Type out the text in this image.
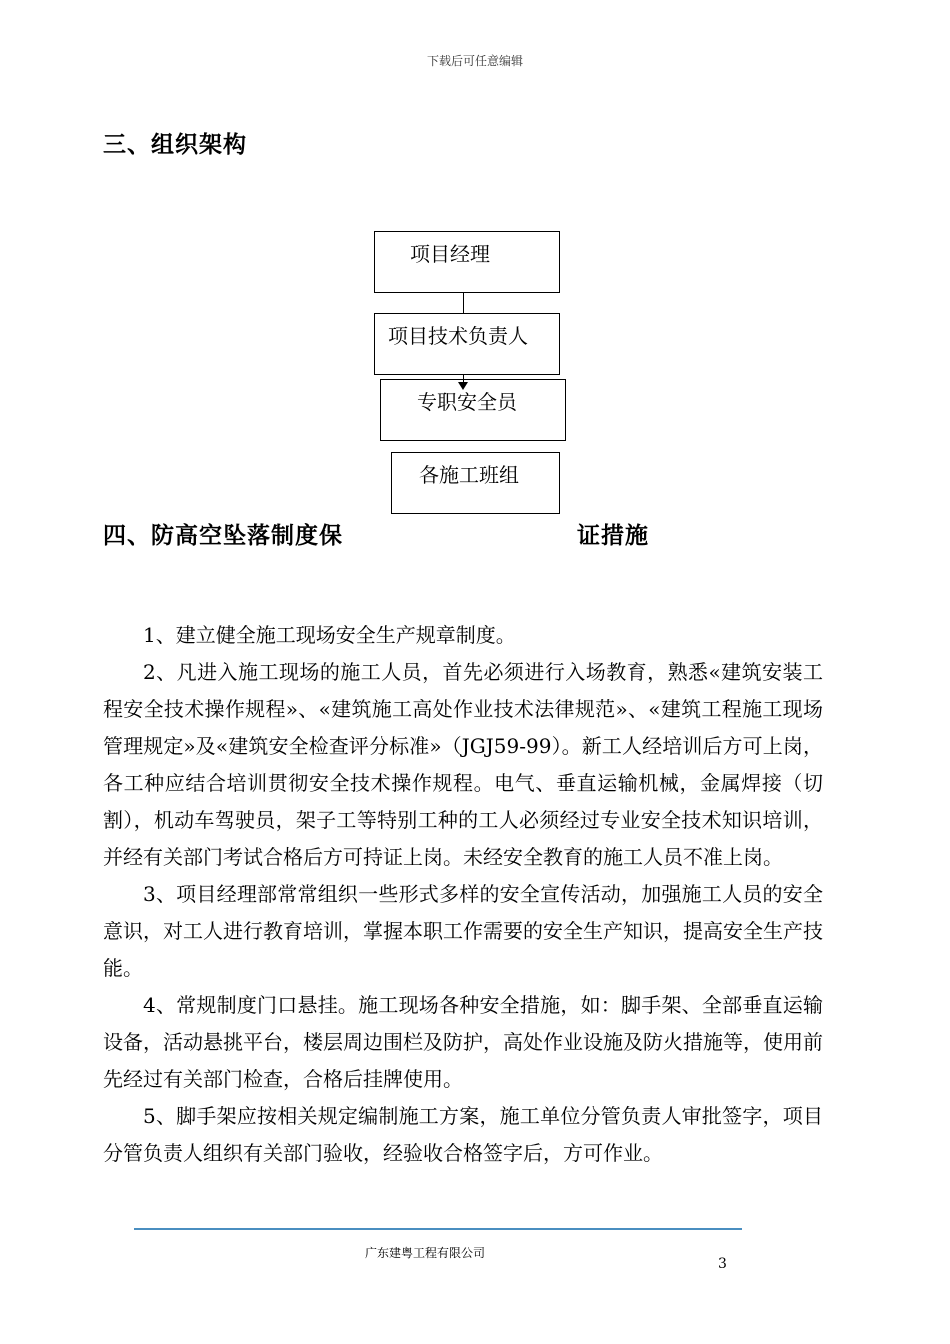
下载后可任意编辑
三、组织架构
项目经理
项目技术负责人
专职安全员
各施工班组
四、防高空坠落制度保	证措施

1、建立健全施工现场安全生产规章制度。

2、凡进入施工现场的施工人员，首先必须进行入场教育，熟悉«建筑安装工程安全技术操作规程»、«建筑施工高处作业技术法律规范»、«建筑工程施工现场管理规定»及«建筑安全检查评分标准»（JGJ59-99）。新工人经培训后方可上岗，各工种应结合培训贯彻安全技术操作规程。电气、垂直运输机械，金属焊接（切割），机动车驾驶员，架子工等特别工种的工人必须经过专业安全技术知识培训，并经有关部门考试合格后方可持证上岗。未经安全教育的施工人员不准上岗。

3、项目经理部常常组织一些形式多样的安全宣传活动，加强施工人员的安全意识，对工人进行教育培训，掌握本职工作需要的安全生产知识，提高安全生产技能。

4、常规制度门口悬挂。施工现场各种安全措施，如：脚手架、全部垂直运输设备，活动悬挑平台，楼层周边围栏及防护，高处作业设施及防火措施等，使用前先经过有关部门检查，合格后挂牌使用。

5、脚手架应按相关规定编制施工方案，施工单位分管负责人审批签字，项目分管负责人组织有关部门验收，经验收合格签字后，方可作业。

广东建粤工程有限公司
3
